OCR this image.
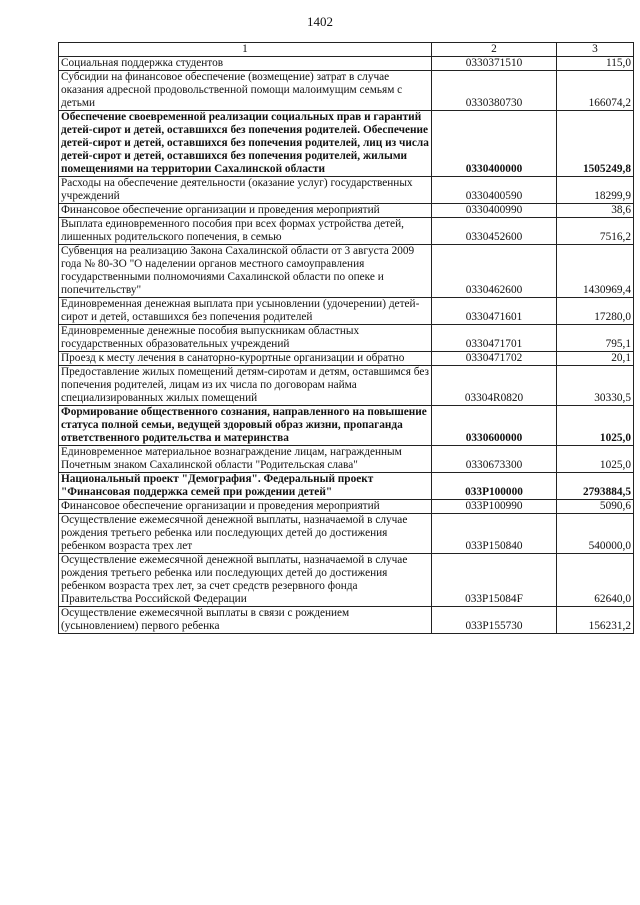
1402
1	2	3
Социальная поддержка студентов	0330371510	115,0
Субсидии на финансовое обеспечение (возмещение) затрат в случае оказания адресной продовольственной помощи малоимущим семьям с детьми	0330380730	166074,2
Обеспечение своевременной реализации социальных прав и гарантий детей-сирот и детей, оставшихся без попечения родителей. Обеспечение детей-сирот и детей, оставшихся без попечения родителей, лиц из числа детей-сирот и детей, оставшихся без попечения родителей, жилыми помещениями на территории Сахалинской области	0330400000	1505249,8
Расходы на обеспечение деятельности (оказание услуг) государственных учреждений	0330400590	18299,9
Финансовое обеспечение организации и проведения мероприятий	0330400990	38,6
Выплата единовременного пособия при всех формах устройства детей, лишенных родительского попечения, в семью	0330452600	7516,2
Субвенция на реализацию Закона Сахалинской области от 3 августа 2009 года № 80-ЗО "О наделении органов местного самоуправления государственными полномочиями Сахалинской области по опеке и попечительству"	0330462600	1430969,4
Единовременная денежная выплата при усыновлении (удочерении) детей-сирот и детей, оставшихся без попечения родителей	0330471601	17280,0
Единовременные денежные пособия выпускникам областных государственных образовательных учреждений	0330471701	795,1
Проезд к месту лечения в санаторно-курортные организации и обратно	0330471702	20,1
Предоставление жилых помещений детям-сиротам и детям, оставшимся без попечения родителей, лицам из их числа по договорам найма специализированных жилых помещений	03304R0820	30330,5
Формирование общественного сознания, направленного на повышение статуса полной семьи, ведущей здоровый образ жизни, пропаганда ответственного родительства и материнства	0330600000	1025,0
Единовременное материальное вознаграждение лицам, награжденным Почетным знаком Сахалинской области "Родительская слава"	0330673300	1025,0
Национальный проект "Демография". Федеральный проект "Финансовая поддержка семей при рождении детей"	033P100000	2793884,5
Финансовое обеспечение организации и проведения мероприятий	033P100990	5090,6
Осуществление ежемесячной денежной выплаты, назначаемой в случае рождения третьего ребенка или последующих детей до достижения ребенком возраста трех лет	033P150840	540000,0
Осуществление ежемесячной денежной выплаты, назначаемой в случае рождения третьего ребенка или последующих детей до достижения ребенком возраста трех лет, за счет средств резервного фонда Правительства Российской Федерации	033P15084F	62640,0
Осуществление ежемесячной выплаты в связи с рождением (усыновлением) первого ребенка	033P155730	156231,2
